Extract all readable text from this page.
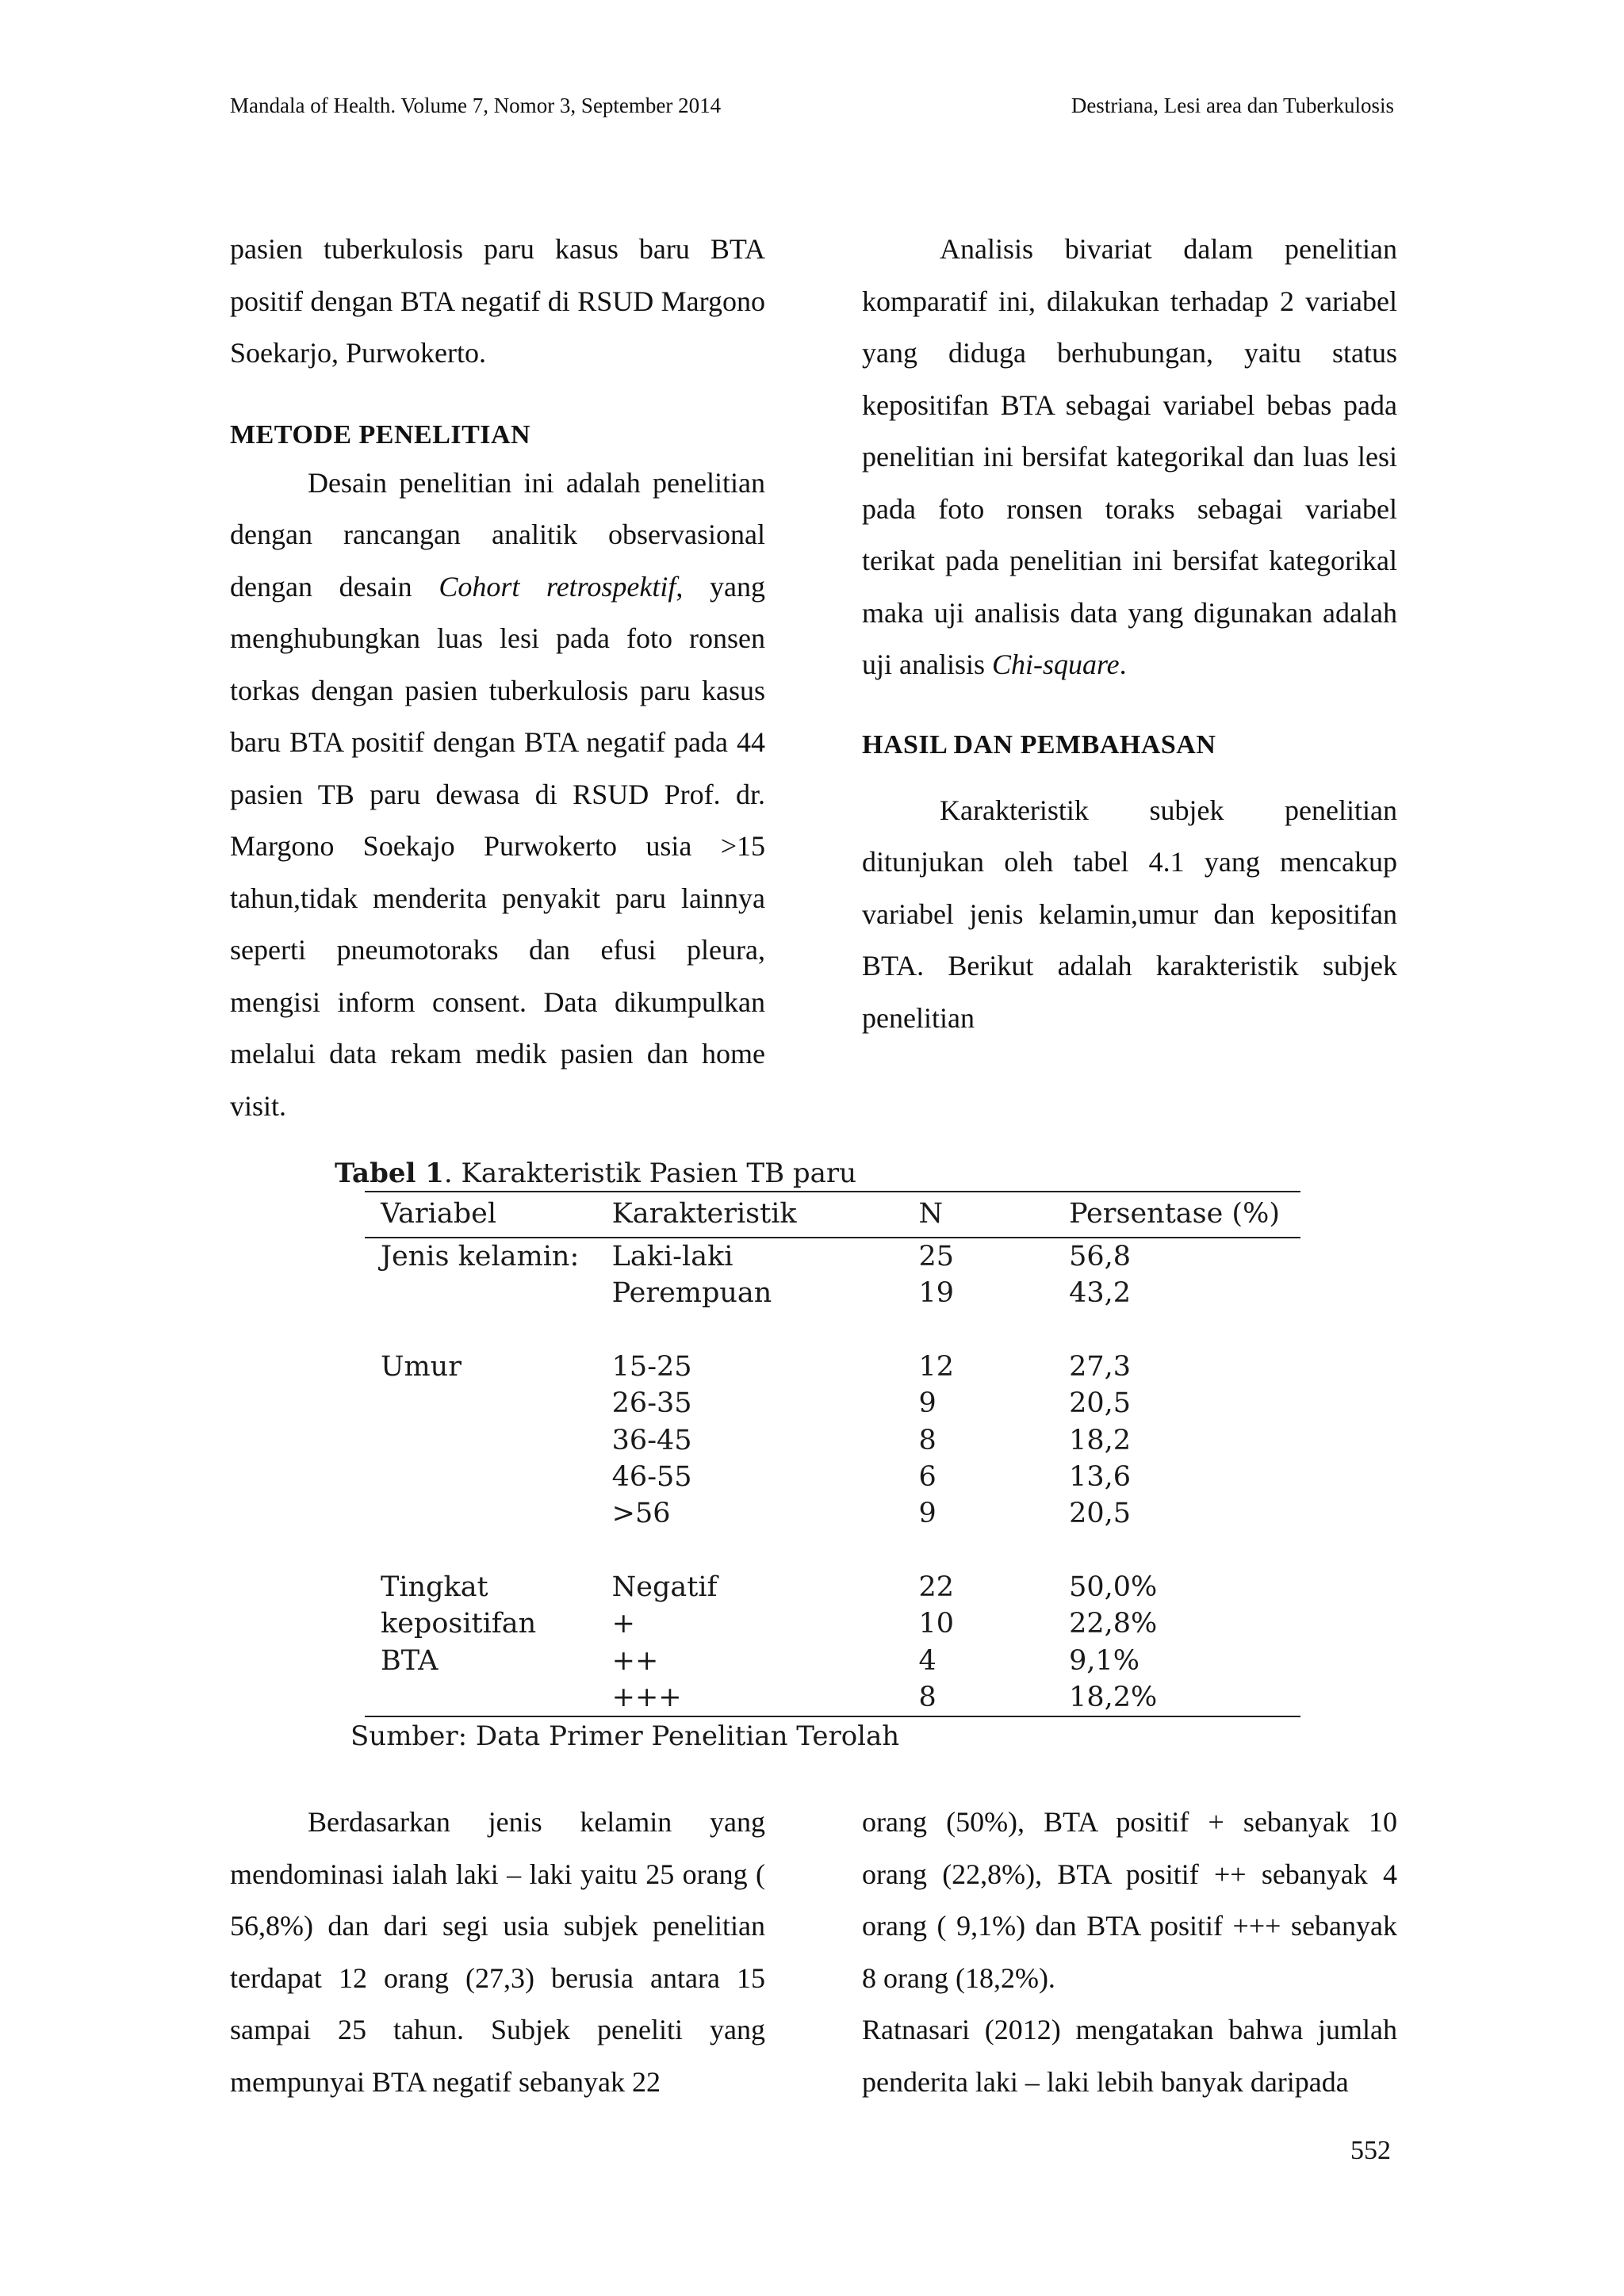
Mandala of Health. Volume 7, Nomor 3, September 2014	Destriana, Lesi area dan Tuberkulosis

pasien tuberkulosis paru kasus baru BTA positif dengan BTA negatif di RSUD Margono Soekarjo, Purwokerto.

METODE PENELITIAN

Desain penelitian ini adalah penelitian dengan rancangan analitik observasional dengan desain Cohort retrospektif, yang menghubungkan luas lesi pada foto ronsen torkas dengan pasien tuberkulosis paru kasus baru BTA positif dengan BTA negatif pada 44 pasien TB paru dewasa di RSUD Prof. dr. Margono Soekajo Purwokerto usia >15 tahun,tidak menderita penyakit paru lainnya seperti pneumotoraks dan efusi pleura, mengisi inform consent. Data dikumpulkan melalui data rekam medik pasien dan home visit.

Analisis bivariat dalam penelitian komparatif ini, dilakukan terhadap 2 variabel yang diduga berhubungan, yaitu status kepositifan BTA sebagai variabel bebas pada penelitian ini bersifat kategorikal dan luas lesi pada foto ronsen toraks sebagai variabel terikat pada penelitian ini bersifat kategorikal maka uji analisis data yang digunakan adalah uji analisis Chi-square.

HASIL DAN PEMBAHASAN

Karakteristik subjek penelitian ditunjukan oleh tabel 4.1 yang mencakup variabel jenis kelamin,umur dan kepositifan BTA. Berikut adalah karakteristik subjek penelitian

Tabel 1. Karakteristik Pasien TB paru
Variabel	Karakteristik	N	Persentase (%)
Jenis kelamin:	Laki-laki	25	56,8
	Perempuan	19	43,2

Umur	15-25	12	27,3
	26-35	9	20,5
	36-45	8	18,2
	46-55	6	13,6
	>56	9	20,5

Tingkat	Negatif	22	50,0%
kepositifan	+	10	22,8%
BTA	++	4	9,1%
	+++	8	18,2%
Sumber: Data Primer Penelitian Terolah

Berdasarkan jenis kelamin yang mendominasi ialah laki – laki yaitu 25 orang ( 56,8%) dan dari segi usia subjek penelitian terdapat 12 orang (27,3) berusia antara 15 sampai 25 tahun. Subjek peneliti yang mempunyai BTA negatif sebanyak 22

orang (50%), BTA positif + sebanyak 10 orang (22,8%), BTA positif ++ sebanyak 4 orang ( 9,1%) dan BTA positif +++ sebanyak 8 orang (18,2%).

Ratnasari (2012) mengatakan bahwa jumlah penderita laki – laki lebih banyak daripada

552
